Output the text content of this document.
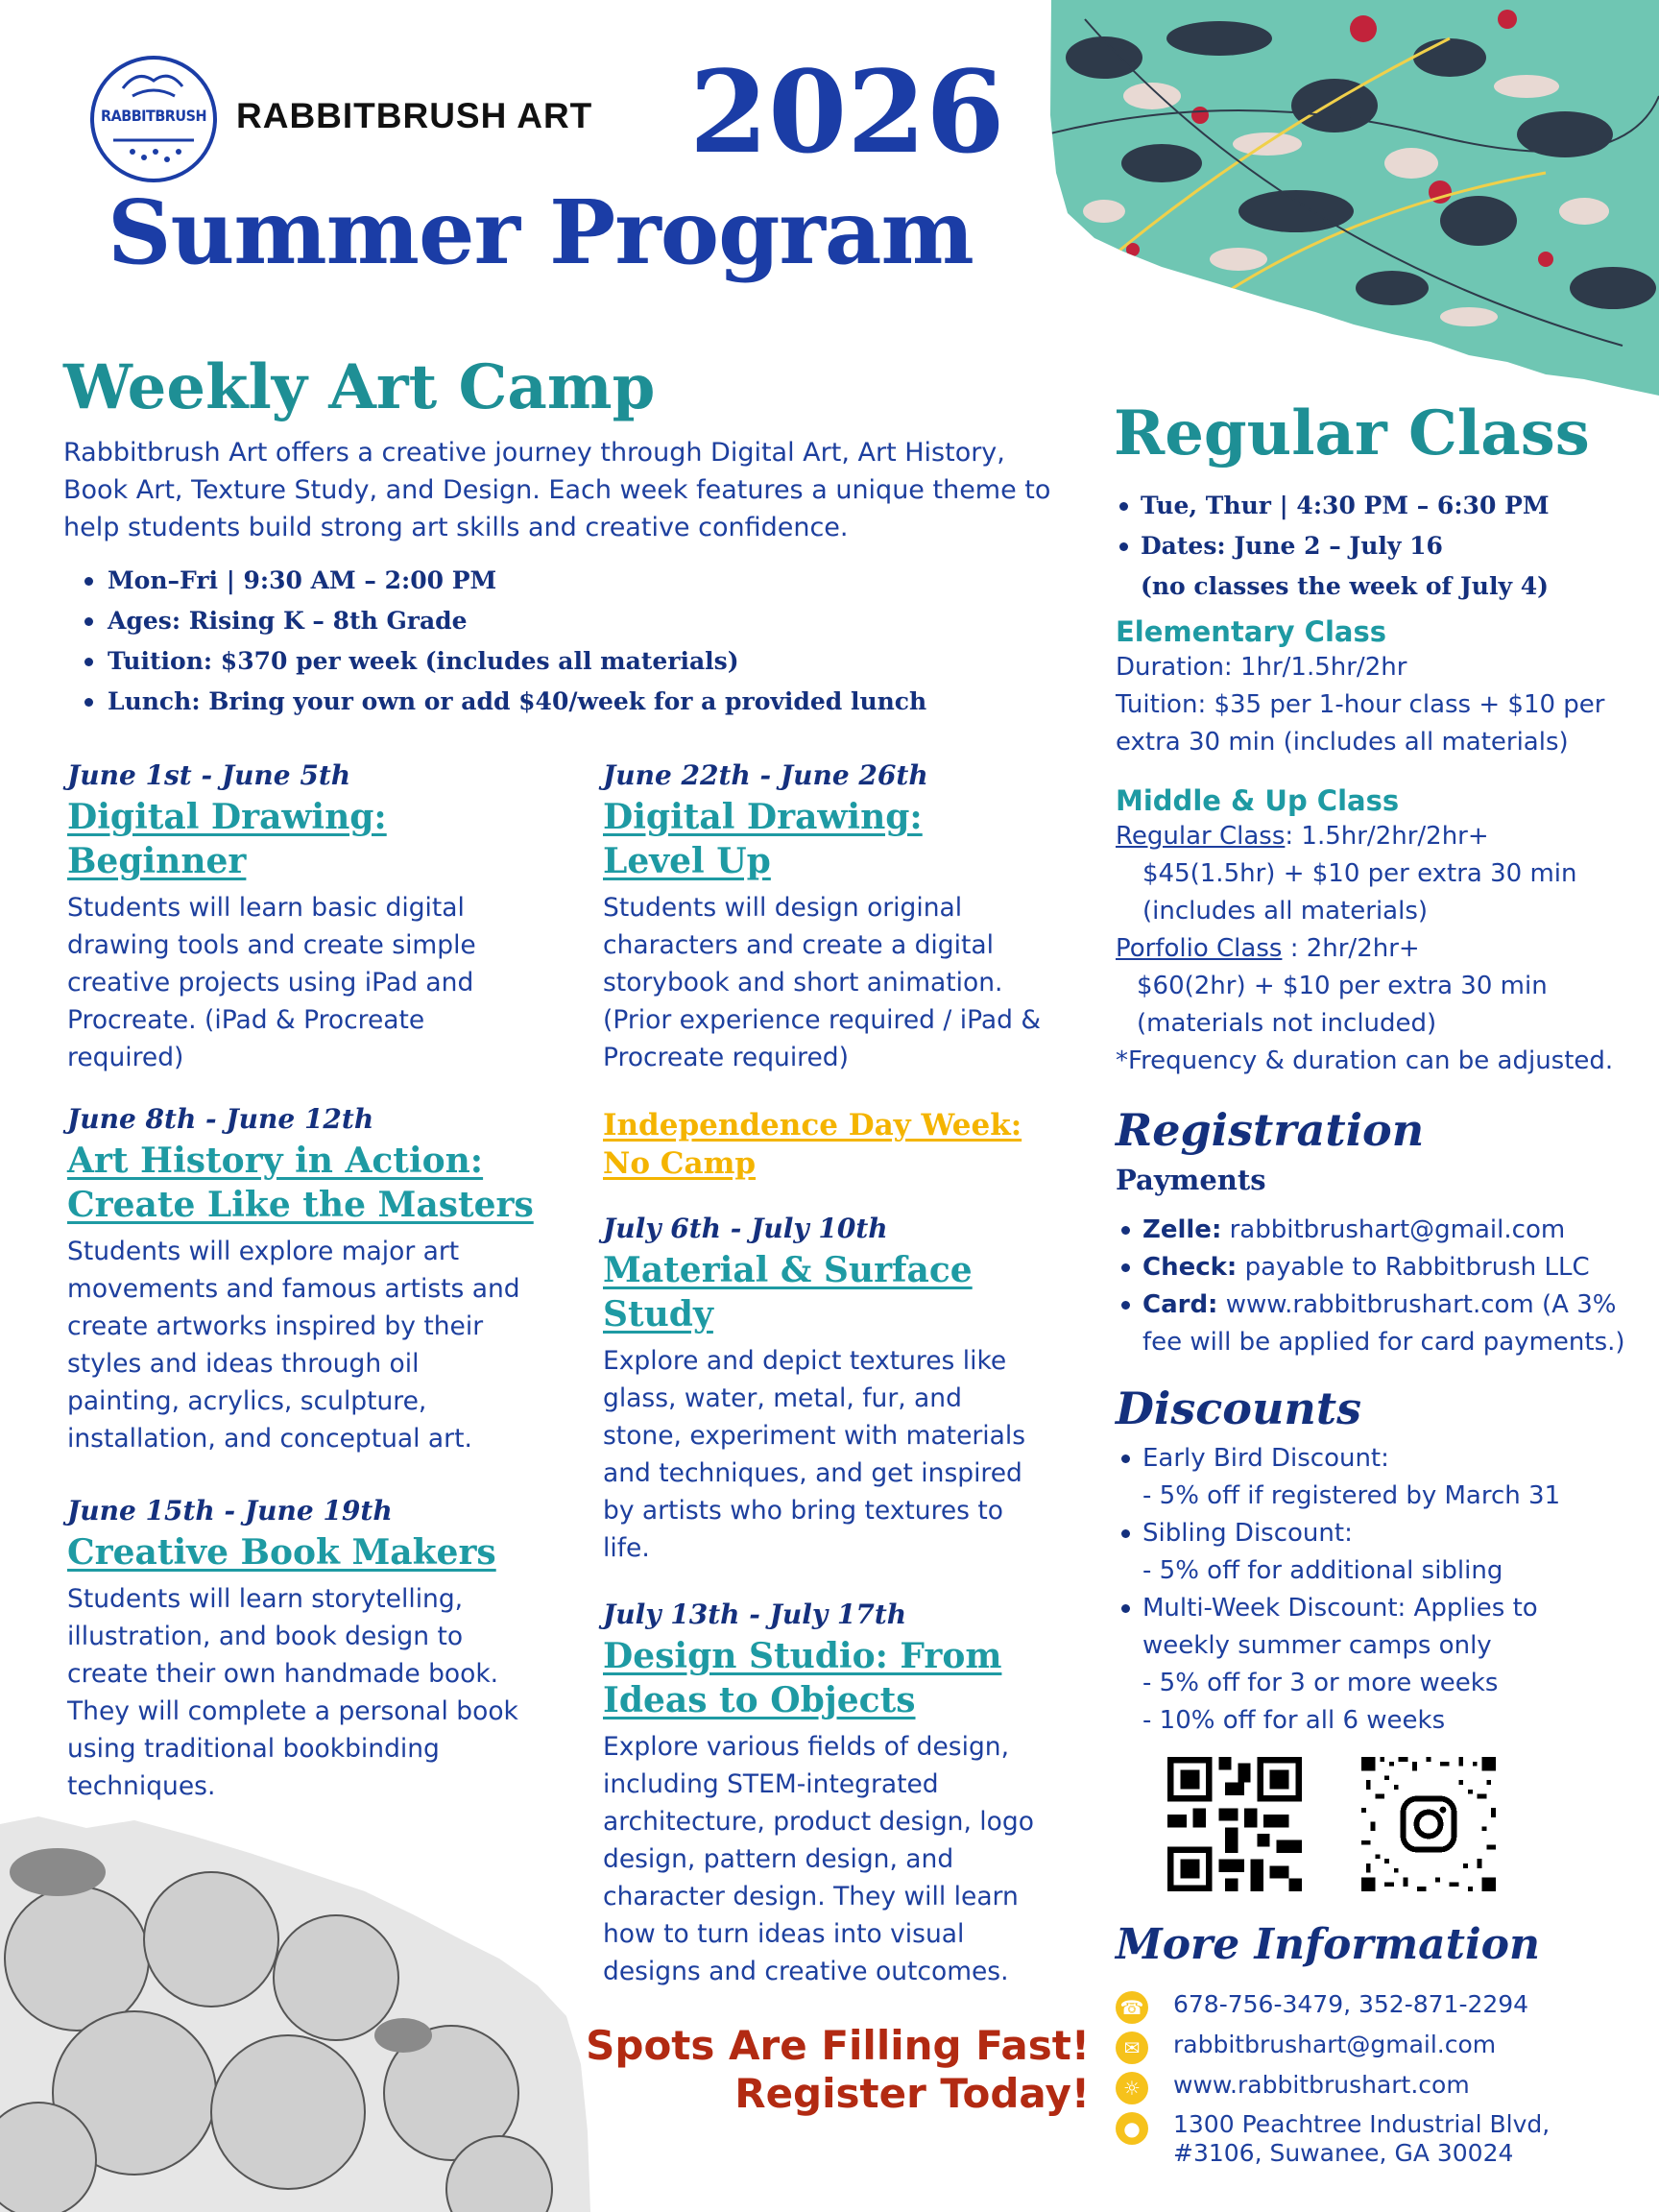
RABBITBRUSH RABBITBRUSH ART 2026
Summer Program
Weekly Art Camp
Rabbitbrush Art offers a creative journey through Digital Art, Art History, Book Art, Texture Study, and Design. Each week features a unique theme to help students build strong art skills and creative confidence.
Mon–Fri | 9:30 AM – 2:00 PM
Ages: Rising K – 8th Grade
Tuition: $370 per week (includes all materials)
Lunch: Bring your own or add $40/week for a provided lunch
June 1st - June 5th
Digital Drawing: Beginner
Students will learn basic digital drawing tools and create simple creative projects using iPad and Procreate. (iPad & Procreate required)
June 8th - June 12th
Art History in Action: Create Like the Masters
Students will explore major art movements and famous artists and create artworks inspired by their styles and ideas through oil painting, acrylics, sculpture, installation, and conceptual art.
June 15th - June 19th
Creative Book Makers
Students will learn storytelling, illustration, and book design to create their own handmade book. They will complete a personal book using traditional bookbinding techniques.
June 22th - June 26th
Digital Drawing: Level Up
Students will design original characters and create a digital storybook and short animation. (Prior experience required / iPad & Procreate required)
Independence Day Week:
No Camp
July 6th - July 10th
Material & Surface Study
Explore and depict textures like glass, water, metal, fur, and stone, experiment with materials and techniques, and get inspired by artists who bring textures to life.
July 13th - July 17th
Design Studio: From Ideas to Objects
Explore various fields of design, including STEM-integrated architecture, product design, logo design, pattern design, and character design. They will learn how to turn ideas into visual designs and creative outcomes.
Spots Are Filling Fast!
Register Today!
Regular Class
Tue, Thur | 4:30 PM – 6:30 PM
Dates: June 2 – July 16
(no classes the week of July 4)
Elementary Class
Duration: 1hr/1.5hr/2hr
Tuition: $35 per 1-hour class + $10 per extra 30 min (includes all materials)
Middle & Up Class
Regular Class: 1.5hr/2hr/2hr+
$45(1.5hr) + $10 per extra 30 min
(includes all materials)
Porfolio Class : 2hr/2hr+
$60(2hr) + $10 per extra 30 min
(materials not included)
*Frequency & duration can be adjusted.
Registration
Payments
Zelle: rabbitbrushart@gmail.com
Check: payable to Rabbitbrush LLC
Card: www.rabbitbrushart.com (A 3% fee will be applied for card payments.)
Discounts
Early Bird Discount:
- 5% off if registered by March 31
Sibling Discount:
- 5% off for additional sibling
Multi-Week Discount: Applies to weekly summer camps only
- 5% off for 3 or more weeks
- 10% off for all 6 weeks
More Information
☎ 678-756-3479, 352-871-2294
✉	rabbitbrushart@gmail.com
☼	www.rabbitbrushart.com
●	1300 Peachtree Industrial Blvd,
#3106, Suwanee, GA 30024
